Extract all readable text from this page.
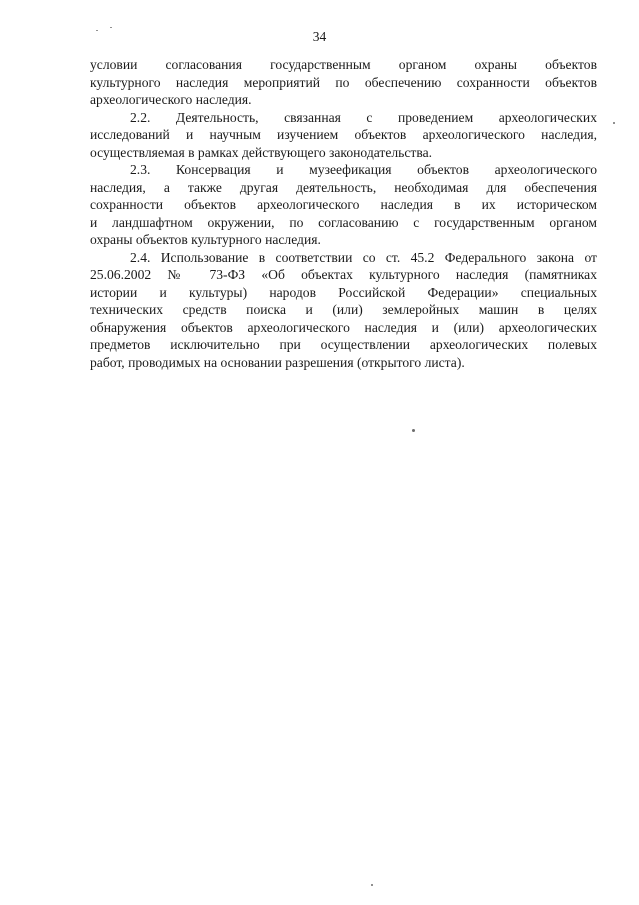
34
условии согласования государственным органом охраны объектов
культурного наследия мероприятий по обеспечению сохранности объектов
археологического наследия.
2.2. Деятельность, связанная с проведением археологических
исследований и научным изучением объектов археологического наследия,
осуществляемая в рамках действующего законодательства.
2.3. Консервация и музеефикация объектов археологического
наследия, а также другая деятельность, необходимая для обеспечения
сохранности объектов археологического наследия в их историческом
и ландшафтном окружении, по согласованию с государственным органом
охраны объектов культурного наследия.
2.4. Использование в соответствии со ст. 45.2 Федерального закона от
25.06.2002 № 73-ФЗ «Об объектах культурного наследия (памятниках
истории и культуры) народов Российской Федерации» специальных
технических средств поиска и (или) землеройных машин в целях
обнаружения объектов археологического наследия и (или) археологических
предметов исключительно при осуществлении археологических полевых
работ, проводимых на основании разрешения (открытого листа).
